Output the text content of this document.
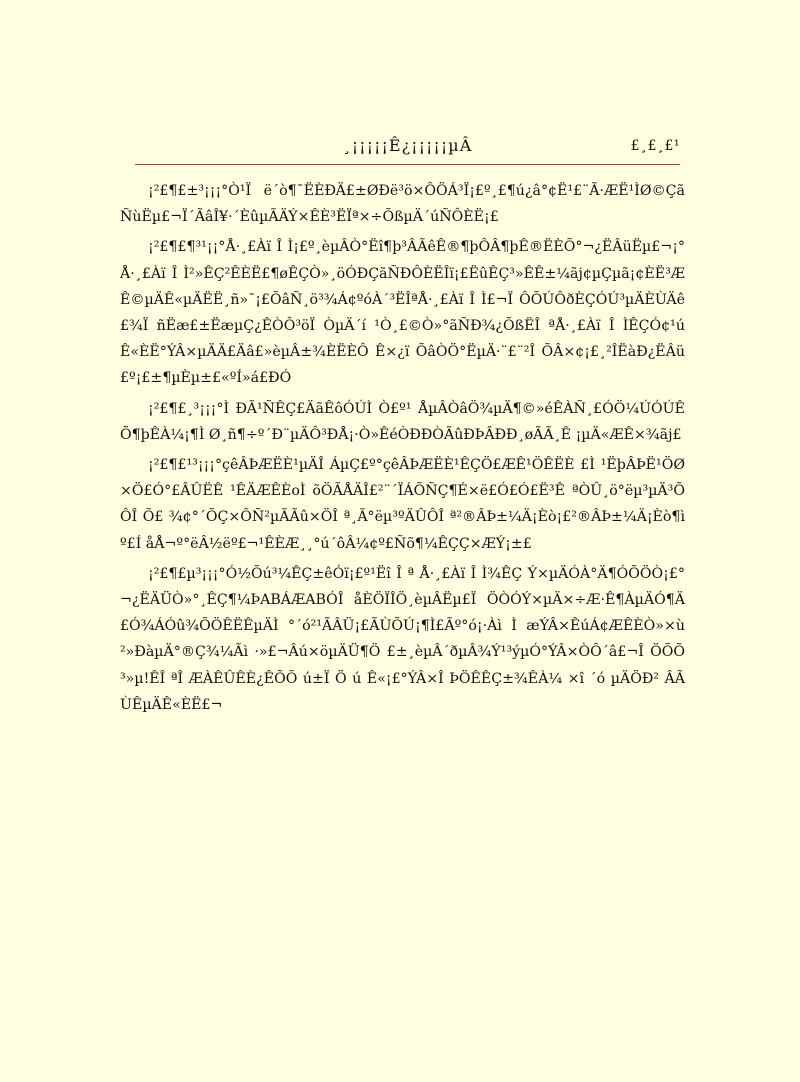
¸¡¡¡¡¡Ê¿¡¡¡¡¡µÂ	£¸£¸£¹

¡²£¶£±³¡¡¡°Ò¹Ï ë´ò¶¯ËÈÐÄ£±ØÐë³ö×ÔÖÁ³Ï¡£º¸£¶ú¿â°¢Ë¹£¨Ã·ÆË¹ÌØ©ÇãÑùËµ£¬Ï´ÃâÎ¥·´ÈûµÃÄÝ×ÊÈ³ËÏª×÷ÕßµÄ´úÑÔÈË¡£

¡²£¶£¶³¹¡¡°Å·¸£Àï Î Ì¡£º¸èµÂÒ°Ëî¶þ³ÂÃêÊ®¶þÔÂ¶þÊ®ËÈÕ°¬¿ËÂüËµ£¬¡°Å·¸£Àï Î Ì²»ÊÇ²ÊÈË£¶øÊÇÒ»¸öÓÐÇãÑÐÔÈËÎï¡£ËûÊÇ³»ÊÊ±¼ãj¢µÇµã¡¢ÈË³ÆÊ©µÄÊ«µÄËË¸ñ»¯¡£ÕâÑ¸ö³¾Á¢ºóÀ´³ËÎªÅ·¸£Àï Î Ì£¬Ï ÔÕÚÔðÈÇÓÚ³µÄÈÙÄê£¾Ï ñËæ£±ËæµÇ¿ÊÒÔ³öÏ ÒµÄ´í ¹Ò¸£©Ò»°ãÑÐ¾¿ÕßËÎ ªÅ·¸£Àï Î ÌÊÇÓ¢¹úÊ«ÈË°ÝÂ×µÄÄ£Äâ£»èµÂ±¾ÈËÈÔ Ê×¿ï ÕâÒÖ°ËµÄ·¨£¨²Î ÕÂ×¢¡£¸²ÎËàÐ¿ËÂü£º¡£±¶µÈµ±£«ºÍ»á£ÐÓ

¡²£¶£¸³¡¡¡°Ì ÐÃ¹ÑÊÇ£ÄãÊôÓÚÌ Ò£º¹ ÅµÂÒâÖ¾µÄ¶©»éÊÀÑ¸£ÓÖ¼ÚÓÚÊÕ¶þÊÀ¼¡¶Ì Ø¸ñ¶÷º´Ð¨µÄÔ³ÐÅ¡·Ò»ÊéÒÐÐÒÃûÐÞÂÐÐ¸øÃÃ¸Ê ¡µÄ«ÆÊ×¾ãj£

¡²£¶£¹³¡¡¡°çêÂÞÆËÈ¹µÄÎ ÁµÇ£º°çêÂÞÆËÈ¹ÊÇÖ£ÆÊ¹ÖÊËÈ £Ì ¹ËþÂÞË¹ÖØ×Ö£Ó°£ÂÛËÊ ¹ÊÄÆÊÈoÌ õÖÃÅÄÎ£²¨´ÏÁÕÑÇ¶É×ë£Ó£Ó£Ë³Ê ªÒÛ¸ö°ëµ³µÄ³ÕÔÎ Õ£ ¾¢°´ÕÇ×ÔÑ²µÃÃû×ÖÎ ª¸Ã°ëµ³ºÄÛÔÎ ª²®ÂÞ±¼Ä¡Èò¡£²®ÂÞ±¼Ä¡Èò¶ìº£Í åÅ¬º°ëÂ½ëº£¬¹ÊÈÆ¸¸°ú´ôÂ¼¢º£Ñõ¶¼ÊÇÇ×ÆÝ¡±£

¡²£¶£µ³¡¡¡°Ó½Õú³¼ÊÇ±êÓï¡£º¹Ëî Î ª Å·¸£Àï Î Ì¾ÊÇ Ý×µÄÓÀ°Ä¶ÓÕÖÒ¡£°¬¿ËÄÜÒ»°¸ÊÇ¶¼ÞABÁÆABÓÎ åÈÖÏÎÖ¸èµÂËµ£Ï ÖÒÓÝ×µÄ×÷Æ·Ê¶ÀµÄÓ¶Ä£Ó¾ÁÓû¾ÕÖÊËÊµÄÌ °´ó²¹ÃÂÜ¡£ÃÙÕÚ¡¶Ì£Ãº°ó¡·Àì Ì æÝÂ×ÊúÁ¢ÆÊÈÒ»×ù²»ÐàµÄ°®Ç¾¼Ãì ·»£¬Âú×öµÄÜ¶Ö £±¸èµÂ´ðµÂ¾Ý¹³ýµÓ°ÝÂ×ÒÔ´â£¬Î ÖÕÕ³»µ!ÊÎ ªÎ ÆÀÊÛÊÈ¿ÊÕÕ ú±Ï Ö ú Ê«¡£°ÝÂ×Î ÞÖÊÊÇ±¾ÊÀ¼ ×î ´ó µÄÖÐ² ÂÃÙÊµÄÊ«ÈË£¬
